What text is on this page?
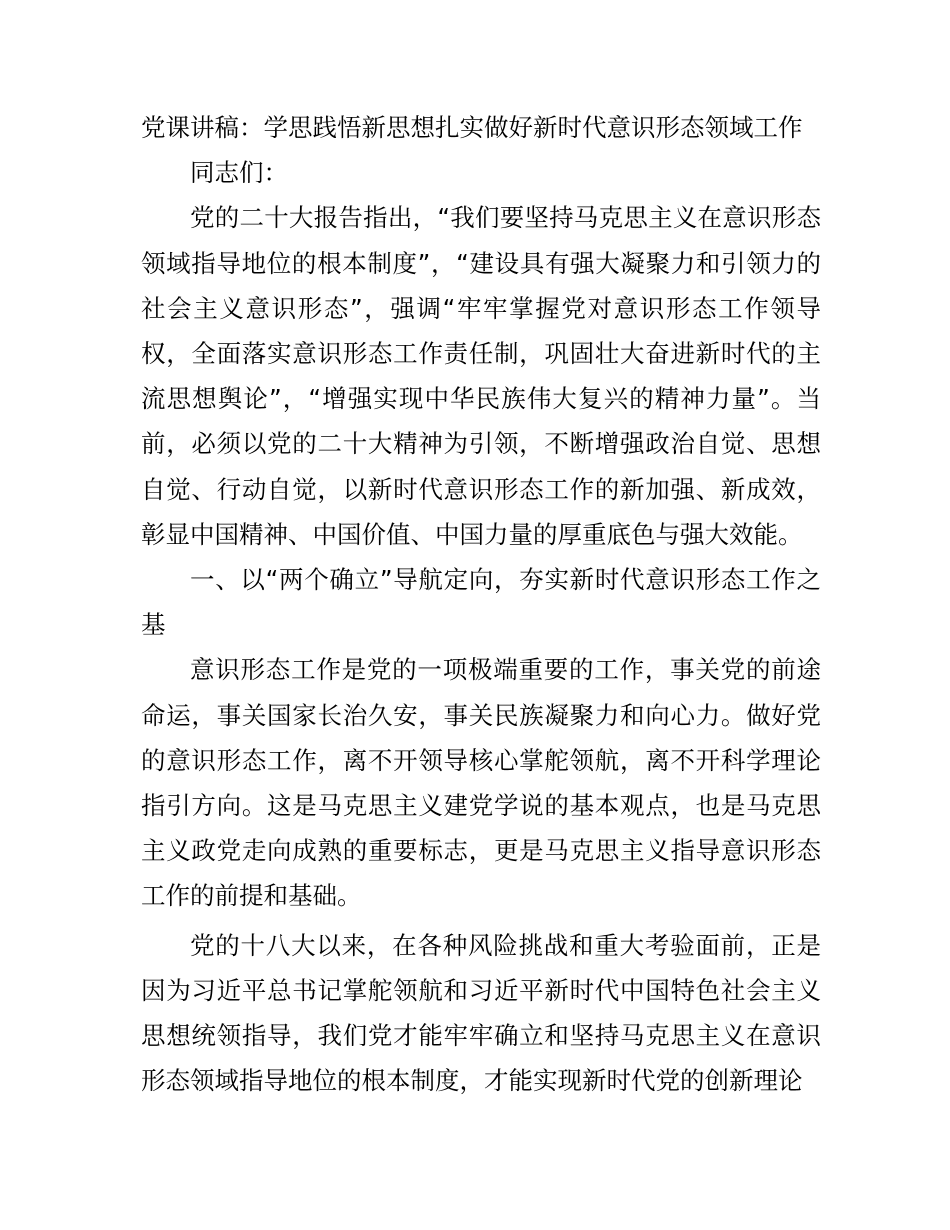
党课讲稿：学思践悟新思想扎实做好新时代意识形态领域工作

同志们：

党的二十大报告指出，“我们要坚持马克思主义在意识形态领域指导地位的根本制度”，“建设具有强大凝聚力和引领力的社会主义意识形态”，强调“牢牢掌握党对意识形态工作领导权，全面落实意识形态工作责任制，巩固壮大奋进新时代的主流思想舆论”，“增强实现中华民族伟大复兴的精神力量”。当前，必须以党的二十大精神为引领，不断增强政治自觉、思想自觉、行动自觉，以新时代意识形态工作的新加强、新成效，彰显中国精神、中国价值、中国力量的厚重底色与强大效能。

一、以“两个确立”导航定向，夯实新时代意识形态工作之基

意识形态工作是党的一项极端重要的工作，事关党的前途命运，事关国家长治久安，事关民族凝聚力和向心力。做好党的意识形态工作，离不开领导核心掌舵领航，离不开科学理论指引方向。这是马克思主义建党学说的基本观点，也是马克思主义政党走向成熟的重要标志，更是马克思主义指导意识形态工作的前提和基础。

党的十八大以来，在各种风险挑战和重大考验面前，正是因为习近平总书记掌舵领航和习近平新时代中国特色社会主义思想统领指导，我们党才能牢牢确立和坚持马克思主义在意识形态领域指导地位的根本制度，才能实现新时代党的创新理论
